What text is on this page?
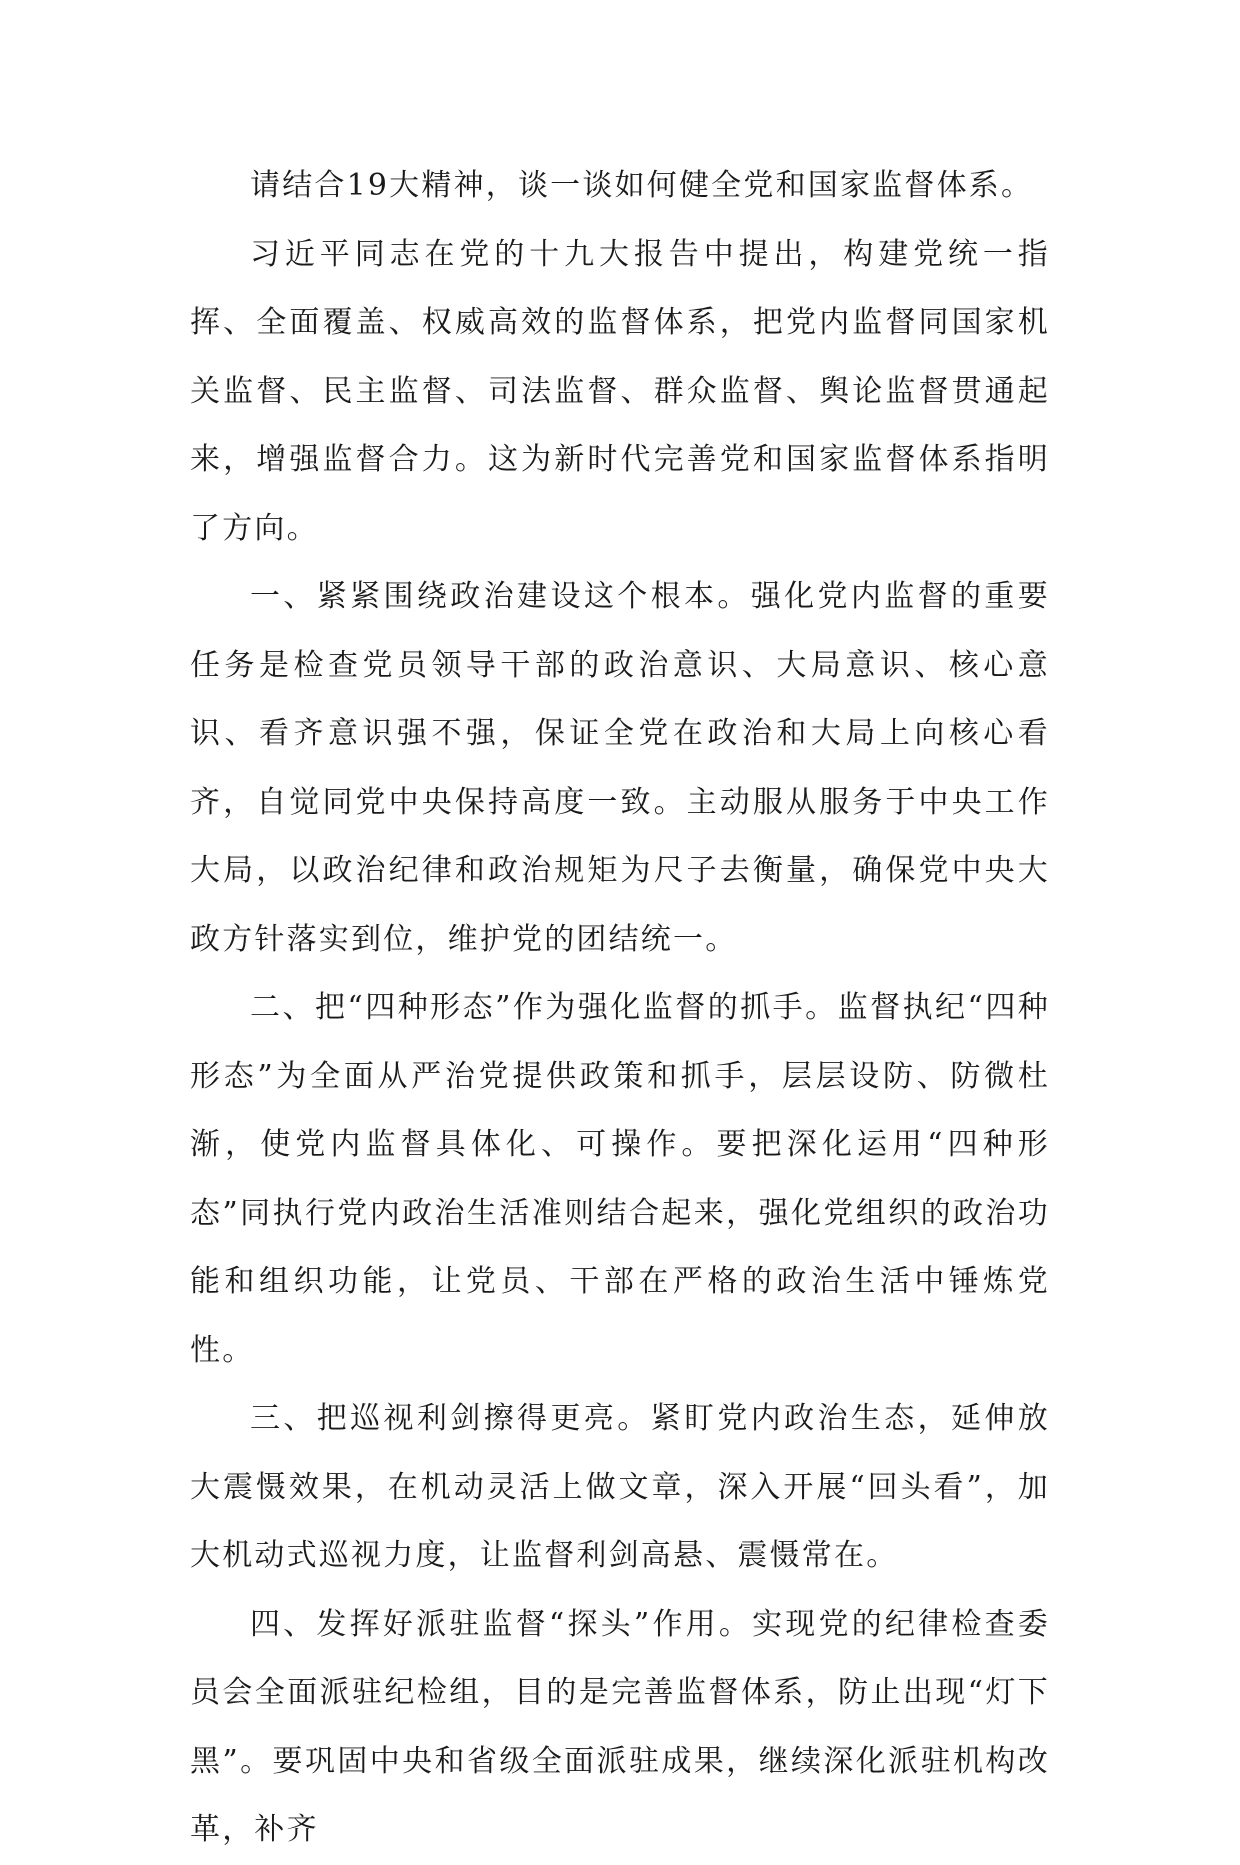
请结合19大精神，谈一谈如何健全党和国家监督体系。

习近平同志在党的十九大报告中提出，构建党统一指挥、全面覆盖、权威高效的监督体系，把党内监督同国家机关监督、民主监督、司法监督、群众监督、舆论监督贯通起来，增强监督合力。这为新时代完善党和国家监督体系指明了方向。

一、紧紧围绕政治建设这个根本。强化党内监督的重要任务是检查党员领导干部的政治意识、大局意识、核心意识、看齐意识强不强，保证全党在政治和大局上向核心看齐，自觉同党中央保持高度一致。主动服从服务于中央工作大局，以政治纪律和政治规矩为尺子去衡量，确保党中央大政方针落实到位，维护党的团结统一。

二、把“四种形态”作为强化监督的抓手。监督执纪“四种形态”为全面从严治党提供政策和抓手，层层设防、防微杜渐，使党内监督具体化、可操作。要把深化运用“四种形态”同执行党内政治生活准则结合起来，强化党组织的政治功能和组织功能，让党员、干部在严格的政治生活中锤炼党性。

三、把巡视利剑擦得更亮。紧盯党内政治生态，延伸放大震慑效果，在机动灵活上做文章，深入开展“回头看”，加大机动式巡视力度，让监督利剑高悬、震慑常在。

四、发挥好派驻监督“探头”作用。实现党的纪律检查委员会全面派驻纪检组，目的是完善监督体系，防止出现“灯下黑”。要巩固中央和省级全面派驻成果，继续深化派驻机构改革，补齐
